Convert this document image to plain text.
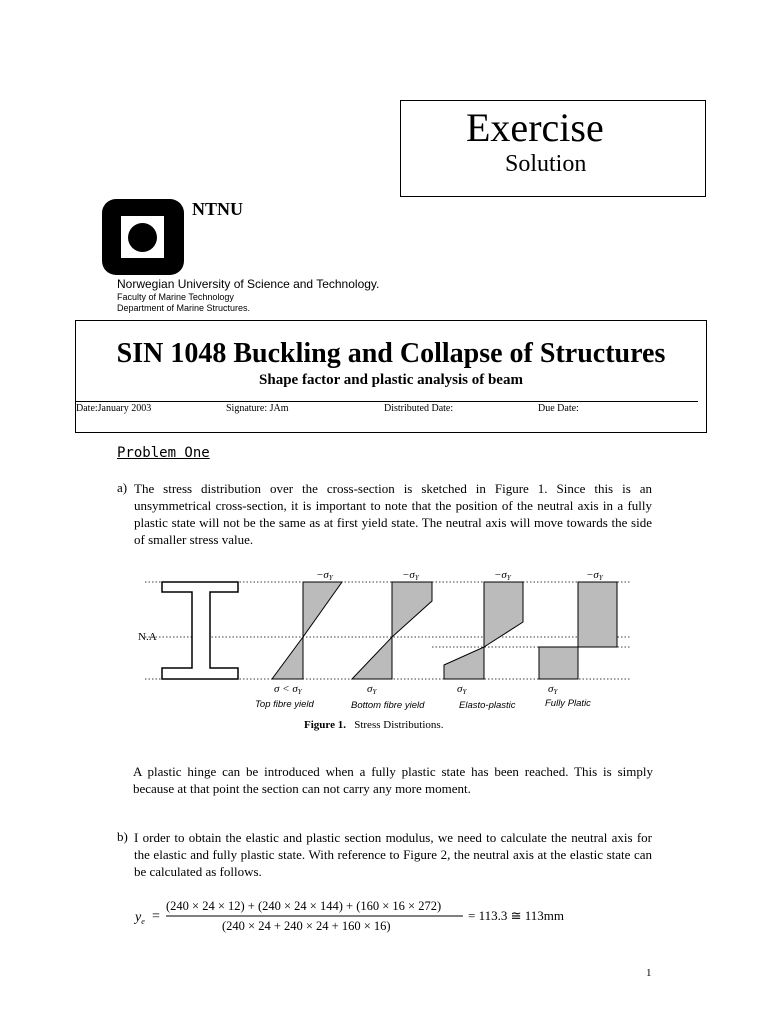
Exercise
Solution
NTNU
Norwegian University of Science and Technology.
Faculty of Marine Technology
Department of Marine Structures.
SIN 1048 Buckling and Collapse of Structures
Shape factor and plastic analysis of beam
Date:January 2003	Signature: JAm	Distributed Date:	Due Date:
Problem One
a) The stress distribution over the cross-section is sketched in Figure 1. Since this is an unsymmetrical cross-section, it is important to note that the position of the neutral axis in a fully plastic state will not be the same as at first yield state. The neutral axis will move towards the side of smaller stress value.

N.A
−σY	−σY	−σY	−σY
σ < σY	σY	σY	σY
Top fibre yield	Bottom fibre yield	Elasto-plastic	Fully Platic
Figure 1. Stress Distributions.

A plastic hinge can be introduced when a fully plastic state has been reached. This is simply because at that point the section can not carry any more moment.

b) I order to obtain the elastic and plastic section modulus, we need to calculate the neutral axis for the elastic and fully plastic state. With reference to Figure 2, the neutral axis at the elastic state can be calculated as follows.

$y_e$ =
(240 × 24 × 12) + (240 × 24 × 144) + (160 × 16 × 272)
(240 × 24 + 240 × 24 + 160 × 16)
= 113.3 ≅ 113mm
1
